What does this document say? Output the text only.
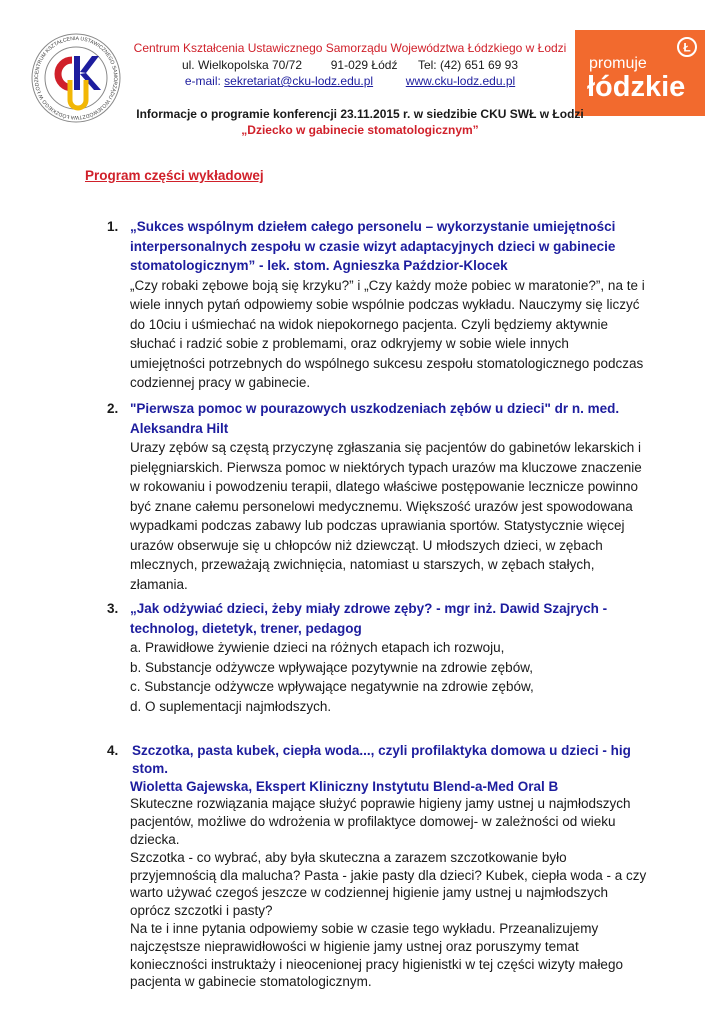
CENTRUM KSZTAŁCENIA USTAWICZNEGO SAMORZĄDU WOJEWÓDZTWA ŁÓDZKIEGO W ŁODZI
Ł
promuje
łódzkie
Centrum Kształcenia Ustawicznego Samorządu Województwa Łódzkiego w Łodzi
ul. Wielkopolska 70/72 91-029 Łódź Tel: (42) 651 69 93
e-mail: sekretariat@cku-lodz.edu.pl	www.cku-lodz.edu.pl
Informacje o programie konferencji 23.11.2015 r. w siedzibie CKU SWŁ w Łodzi
„Dziecko w gabinecie stomatologicznym”
Program części wykładowej
1. „Sukces wspólnym dziełem całego personelu – wykorzystanie umiejętności interpersonalnych zespołu w czasie wizyt adaptacyjnych dzieci w gabinecie stomatologicznym” - lek. stom. Agnieszka Paździor-Klocek

„Czy robaki zębowe boją się krzyku?” i „Czy każdy może pobiec w maratonie?”, na te i wiele innych pytań odpowiemy sobie wspólnie podczas wykładu. Nauczymy się liczyć do 10ciu i uśmiechać na widok niepokornego pacjenta. Czyli będziemy aktywnie słuchać i radzić sobie z problemami, oraz odkryjemy w sobie wiele innych umiejętności potrzebnych do wspólnego sukcesu zespołu stomatologicznego podczas codziennej pracy w gabinecie.

2. "Pierwsza pomoc w pourazowych uszkodzeniach zębów u dzieci" dr n. med. Aleksandra Hilt

Urazy zębów są częstą przyczynę zgłaszania się pacjentów do gabinetów lekarskich i pielęgniarskich. Pierwsza pomoc w niektórych typach urazów ma kluczowe znaczenie w rokowaniu i powodzeniu terapii, dlatego właściwe postępowanie lecznicze powinno być znane całemu personelowi medycznemu. Większość urazów jest spowodowana wypadkami podczas zabawy lub podczas uprawiania sportów. Statystycznie więcej urazów obserwuje się u chłopców niż dziewcząt. U młodszych dzieci, w zębach mlecznych, przeważają zwichnięcia, natomiast u starszych, w zębach stałych, złamania.

3. „Jak odżywiać dzieci, żeby miały zdrowe zęby? - mgr inż. Dawid Szajrych - technolog, dietetyk, trener, pedagog

a. Prawidłowe żywienie dzieci na różnych etapach ich rozwoju,

b. Substancje odżywcze wpływające pozytywnie na zdrowie zębów,

c. Substancje odżywcze wpływające negatywnie na zdrowie zębów,

d. O suplementacji najmłodszych.

4. Szczotka, pasta kubek, ciepła woda..., czyli profilaktyka domowa u dzieci - hig stom.

Wioletta Gajewska, Ekspert Kliniczny Instytutu Blend-a-Med Oral B

Skuteczne rozwiązania mające służyć poprawie higieny jamy ustnej u najmłodszych pacjentów, możliwe do wdrożenia w profilaktyce domowej- w zależności od wieku dziecka.

Szczotka - co wybrać, aby była skuteczna a zarazem szczotkowanie było przyjemnością dla malucha? Pasta - jakie pasty dla dzieci? Kubek, ciepła woda - a czy warto używać czegoś jeszcze w codziennej higienie jamy ustnej u najmłodszych oprócz szczotki i pasty?

Na te i inne pytania odpowiemy sobie w czasie tego wykładu. Przeanalizujemy najczęstsze nieprawidłowości w higienie jamy ustnej oraz poruszymy temat konieczności instruktaży i nieocenionej pracy higienistki w tej części wizyty małego pacjenta w gabinecie stomatologicznym.
